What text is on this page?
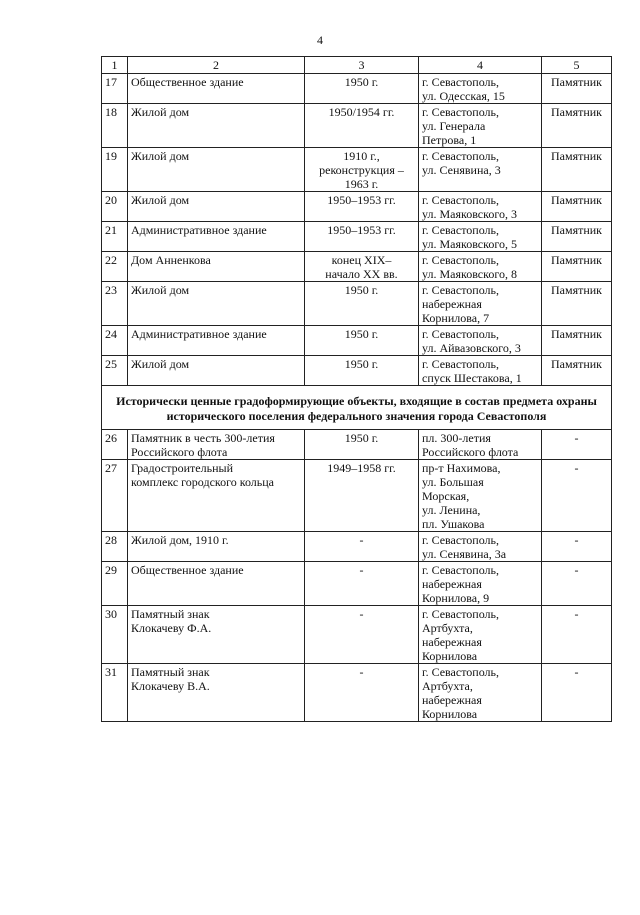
4
1	2	3	4	5
17	Общественное здание	1950 г.	г. Севастополь,
ул. Одесская, 15	Памятник
18	Жилой дом	1950/1954 гг.	г. Севастополь,
ул. Генерала
Петрова, 1	Памятник
19	Жилой дом	1910 г.,
реконструкция –
1963 г.	г. Севастополь,
ул. Сенявина, 3	Памятник
20	Жилой дом	1950–1953 гг.	г. Севастополь,
ул. Маяковского, 3	Памятник
21	Административное здание	1950–1953 гг.	г. Севастополь,
ул. Маяковского, 5	Памятник
22	Дом Анненкова	конец XIX–
начало XX вв.	г. Севастополь,
ул. Маяковского, 8	Памятник
23	Жилой дом	1950 г.	г. Севастополь,
набережная
Корнилова, 7	Памятник
24	Административное здание	1950 г.	г. Севастополь,
ул. Айвазовского, 3	Памятник
25	Жилой дом	1950 г.	г. Севастополь,
спуск Шестакова, 1	Памятник
Исторически ценные градоформирующие объекты, входящие в состав предмета охраны исторического поселения федерального значения города Севастополя				
26	Памятник в честь 300-летия
Российского флота	1950 г.	пл. 300-летия
Российского флота	-
27	Градостроительный
комплекс городского кольца	1949–1958 гг.	пр-т Нахимова,
ул. Большая
Морская,
ул. Ленина,
пл. Ушакова	-
28	Жилой дом, 1910 г.	-	г. Севастополь,
ул. Сенявина, 3а	-
29	Общественное здание	-	г. Севастополь,
набережная
Корнилова, 9	-
30	Памятный знак
Клокачеву Ф.А.	-	г. Севастополь,
Артбухта,
набережная
Корнилова	-
31	Памятный знак
Клокачеву В.А.	-	г. Севастополь,
Артбухта,
набережная
Корнилова	-
